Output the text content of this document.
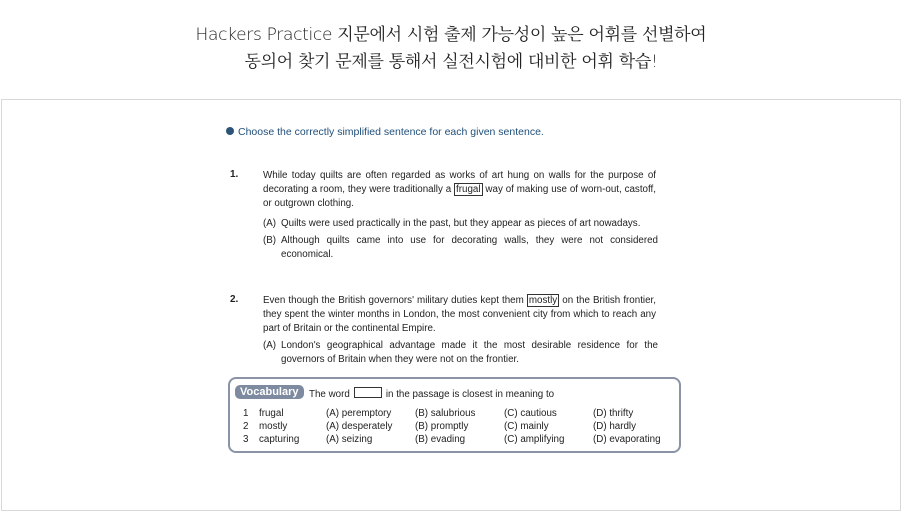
Hackers Practice 지문에서 시험 출제 가능성이 높은 어휘를 선별하여
동의어 찾기 문제를 통해서 실전시험에 대비한 어휘 학습!
Choose the correctly simplified sentence for each given sentence.
1.	While today quilts are often regarded as works of art hung on walls for the purpose of decorating a room, they were traditionally a frugal way of making use of worn-out, castoff, or outgrown clothing.
(A) Quilts were used practically in the past, but they appear as pieces of art nowadays.
(B) Although quilts came into use for decorating walls, they were not considered economical.
2.	Even though the British governors' military duties kept them mostly on the British frontier, they spent the winter months in London, the most convenient city from which to reach any part of Britain or the continental Empire.
(A) London's geographical advantage made it the most desirable residence for the governors of Britain when they were not on the frontier.
Vocabulary	The word	in the passage is closest in meaning to
1 frugal	(A) peremptory (B) salubrious	(C) cautious	(D) thrifty
2 mostly	(A) desperately (B) promptly	(C) mainly	(D) hardly
3 capturing	(A) seizing	(B) evading	(C) amplifying	(D) evaporating
